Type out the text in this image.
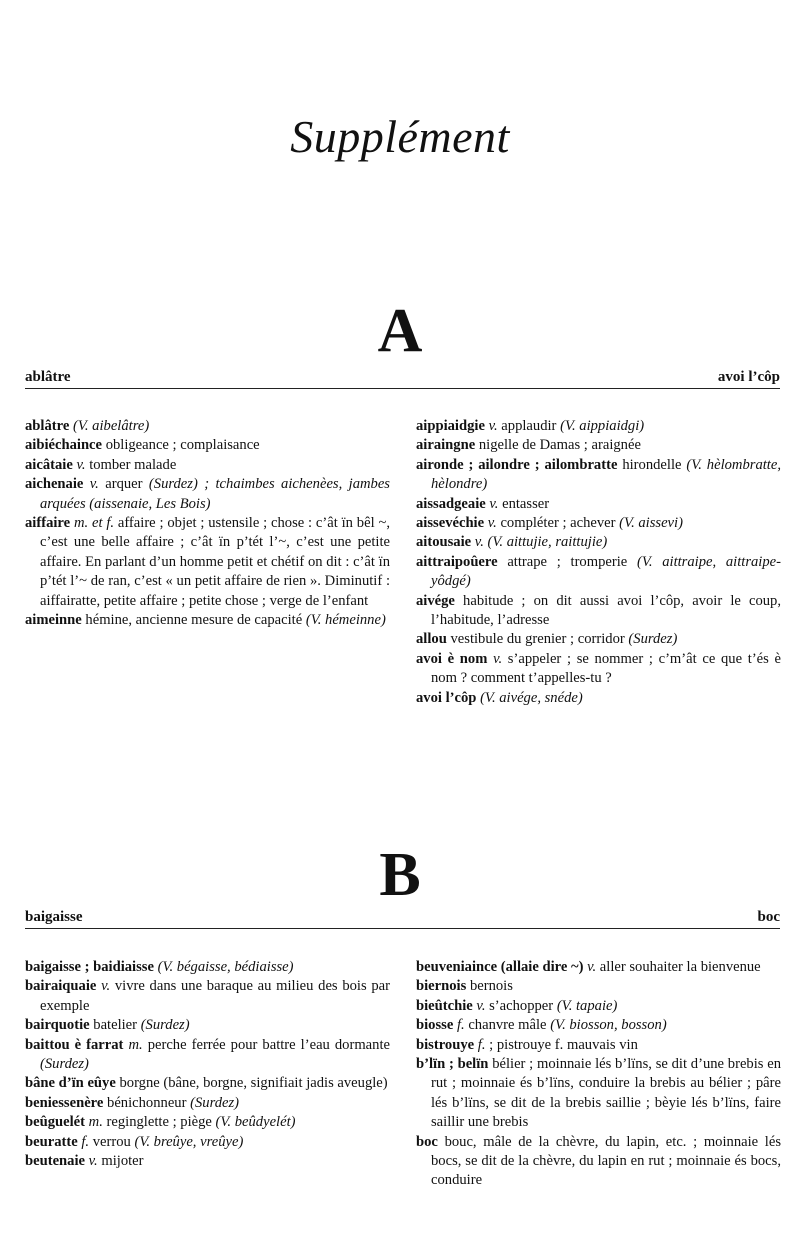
Supplément
A
ablâtre	avoi l’côp

ablâtre (V. aibelâtre)

aibiéchaince obligeance ; complaisance

aicâtaie v. tomber malade

aichenaie v. arquer (Surdez) ; tchaimbes aichenèes, jambes arquées (aissenaie, Les Bois)

aiffaire m. et f. affaire ; objet ; ustensile ; chose : c’ât ïn bêl ~, c’est une belle affaire ; c’ât ïn p’tét l’~, c’est une petite affaire. En parlant d’un homme petit et chétif on dit : c’ât ïn p’tét l’~ de ran, c’est « un petit affaire de rien ». Diminutif : aiffairatte, petite affaire ; petite chose ; verge de l’enfant

aimeinne hémine, ancienne mesure de capacité (V. hémeinne)

aippiaidgie v. applaudir (V. aippiaidgi)

airaingne nigelle de Damas ; araignée

aironde ; ailondre ; ailombratte hirondelle (V. hèlombratte, hèlondre)

aissadgeaie v. entasser

aissevéchie v. compléter ; achever (V. aissevi)

aitousaie v. (V. aittujie, raittujie)

aittraipoûere attrape ; tromperie (V. aittraipe, aittraipe-yôdgé)

aivége habitude ; on dit aussi avoi l’côp, avoir le coup, l’habitude, l’adresse

allou vestibule du grenier ; corridor (Surdez)

avoi è nom v. s’appeler ; se nommer ; c’m’ât ce que t’és è nom ? comment t’appelles-tu ?

avoi l’côp (V. aivége, snéde)

B
baigaisse	boc

baigaisse ; baidiaisse (V. bégaisse, bédiaisse)

bairaiquaie v. vivre dans une baraque au milieu des bois par exemple

bairquotie batelier (Surdez)

baittou è farrat m. perche ferrée pour battre l’eau dormante (Surdez)

bâne d’ïn eûye borgne (bâne, borgne, signifiait jadis aveugle)

beniessenère bénichonneur (Surdez)

beûguelét m. reginglette ; piège (V. beûdyelét)

beuratte f. verrou (V. breûye, vreûye)

beutenaie v. mijoter

beuveniaince (allaie dire ~) v. aller souhaiter la bienvenue

biernois bernois

bieûtchie v. s’achopper (V. tapaie)

biosse f. chanvre mâle (V. biosson, bosson)

bistrouye f. ; pistrouye f. mauvais vin

b’lïn ; belïn bélier ; moinnaie lés b’lïns, se dit d’une brebis en rut ; moinnaie és b’lïns, conduire la brebis au bélier ; pâre lés b’lïns, se dit de la brebis saillie ; bèyie lés b’lïns, faire saillir une brebis

boc bouc, mâle de la chèvre, du lapin, etc. ; moinnaie lés bocs, se dit de la chèvre, du lapin en rut ; moinnaie és bocs, conduire
